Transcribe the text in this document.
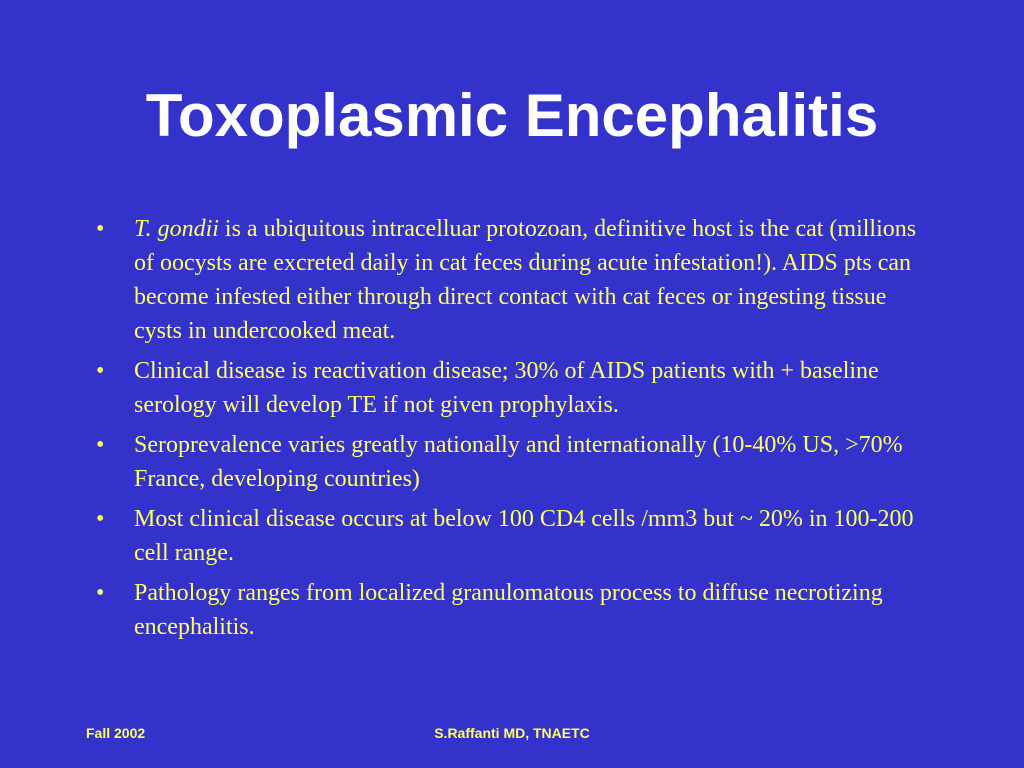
Toxoplasmic Encephalitis
• T. gondii is a ubiquitous intracelluar protozoan, definitive host is the cat (millions of oocysts are excreted daily in cat feces during acute infestation!). AIDS pts can become infested either through direct contact with cat feces or ingesting tissue cysts in undercooked meat.
• Clinical disease is reactivation disease; 30% of AIDS patients with + baseline serology will develop TE if not given prophylaxis.
• Seroprevalence varies greatly nationally and internationally (10-40% US, >70% France, developing countries)
• Most clinical disease occurs at below 100 CD4 cells /mm3 but ~ 20% in 100-200 cell range.
• Pathology ranges from localized granulomatous process to diffuse necrotizing encephalitis.
Fall 2002	S.Raffanti MD, TNAETC
